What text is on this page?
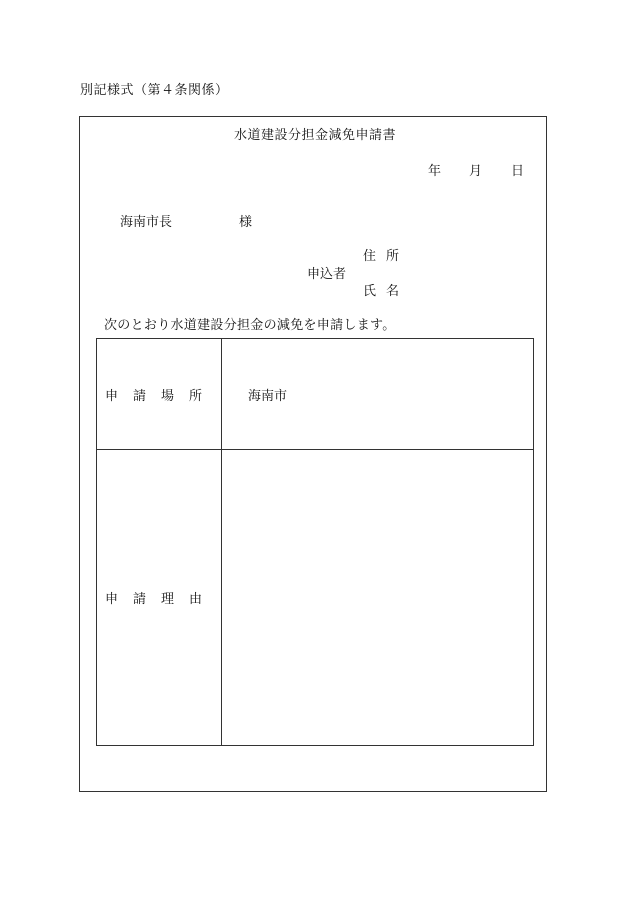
別記様式（第４条関係）
水道建設分担金減免申請書
年 月 日
海南市長	様
住所
申込者
氏名
次のとおり水道建設分担金の減免を申請します。
申請場所	海南市
申請理由	
